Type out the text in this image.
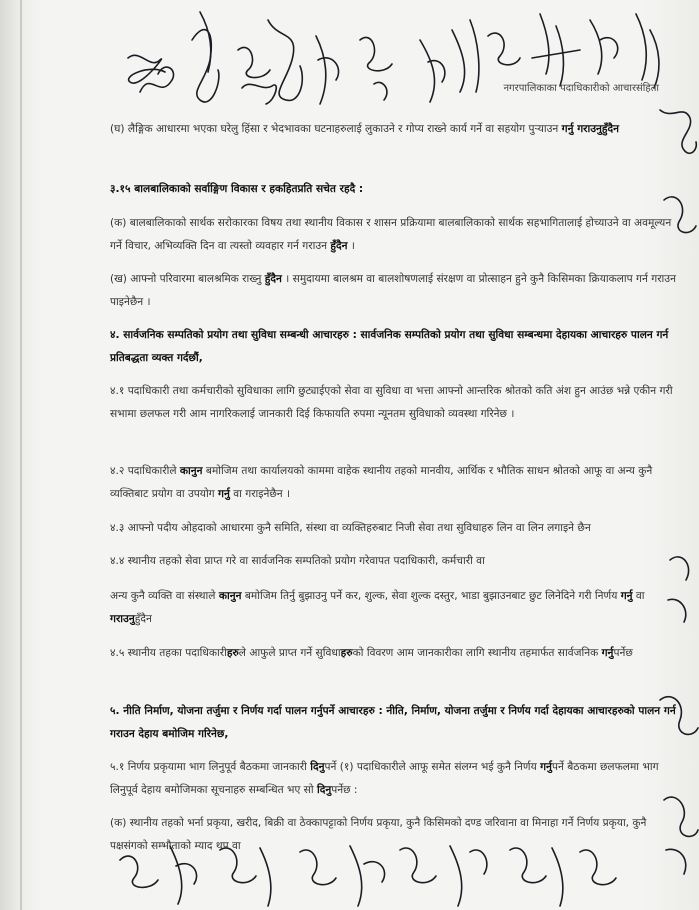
नगरपालिकाका पदाधिकारीको आचारसंहिता

(घ) लैङ्गिक आधारमा भएका घरेलु हिंसा र भेदभावका घटनाहरुलाई लुकाउने र गोप्य राख्ने कार्य गर्ने वा सहयोग पुऱ्याउन गर्नु गराउनुहुँदैन

३.१५ बालबालिकाको सर्वाङ्गिण विकास र हकहितप्रति सचेत रहदै :

(क) बालबालिकाको सार्थक सरोकारका विषय तथा स्थानीय विकास र शासन प्रक्रियामा बालबालिकाको सार्थक सहभागितालाई होच्याउने वा अवमूल्यन गर्ने विचार, अभिव्यक्ति दिन वा त्यस्तो व्यवहार गर्न गराउन हुँदैन ।

(ख) आफ्नो परिवारमा बालश्रमिक राख्नु हुँदैन । समुदायमा बालश्रम वा बालशोषणलाई संरक्षण वा प्रोत्साहन हुने कुनै किसिमका क्रियाकलाप गर्न गराउन पाइनेछैन ।

४. सार्वजनिक सम्पतिको प्रयोग तथा सुविधा सम्बन्धी आचारहरु : सार्वजनिक सम्पतिको प्रयोग तथा सुविधा सम्बन्धमा देहायका आचारहरु पालन गर्न प्रतिबद्धता व्यक्त गर्दछौं,

४.१ पदाधिकारी तथा कर्मचारीको सुविधाका लागि छुट्याईएको सेवा वा सुविधा वा भत्ता आफ्नो आन्तरिक श्रोतको कति अंश हुन आउंछ भन्ने एकीन गरी सभामा छलफल गरी आम नागरिकलाई जानकारी दिई किफायति रुपमा न्यूनतम सुविधाको व्यवस्था गरिनेछ ।

४.२ पदाधिकारीले कानुन बमोजिम तथा कार्यालयको काममा वाहेक स्थानीय तहको मानवीय, आर्थिक र भौतिक साधन श्रोतको आफू वा अन्य कुनै व्यक्तिबाट प्रयोग वा उपयोग गर्नु वा गराइनेछैन ।

४.३ आफ्नो पदीय ओहदाको आधारमा कुनै समिति, संस्था वा व्यक्तिहरुबाट निजी सेवा तथा सुविधाहरु लिन वा लिन लगाइने छैन

४.४ स्थानीय तहको सेवा प्राप्त गरे वा सार्वजनिक सम्पतिको प्रयोग गरेवापत पदाधिकारी, कर्मचारी वा

अन्य कुनै व्यक्ति वा संस्थाले कानुन बमोजिम तिर्नु बुझाउनु पर्ने कर, शुल्क, सेवा शुल्क दस्तुर, भाडा बुझाउनबाट छुट लिनेदिने गरी निर्णय गर्नु वा गराउनुहुँदैन

४.५ स्थानीय तहका पदाधिकारीहरुले आफुले प्राप्त गर्ने सुविधाहरुको विवरण आम जानकारीका लागि स्थानीय तहमार्फत सार्वजनिक गर्नुपर्नेछ

५. नीति निर्माण, योजना तर्जुमा र निर्णय गर्दा पालन गर्नुपर्ने आचारहरु : नीति, निर्माण, योजना तर्जुमा र निर्णय गर्दा देहायका आचारहरुको पालन गर्न गराउन देहाय बमोजिम गरिनेछ,

५.१ निर्णय प्रकृयामा भाग लिनुपूर्व बैठकमा जानकारी दिनुपर्ने (१) पदाधिकारीले आफू समेत संलग्न भई कुनै निर्णय गर्नुपर्ने बैठकमा छलफलमा भाग लिनुपूर्व देहाय बमोजिमका सूचनाहरु सम्बन्धित भए सो दिनुपर्नेछ :

(क) स्थानीय तहको भर्ना प्रकृया, खरीद, बिक्री वा ठेक्कापट्टाको निर्णय प्रकृया, कुनै किसिमको दण्ड जरिवाना वा मिनाहा गर्ने निर्णय प्रकृया, कुनै पक्षसंगको सम्भौताको म्याद थप वा
